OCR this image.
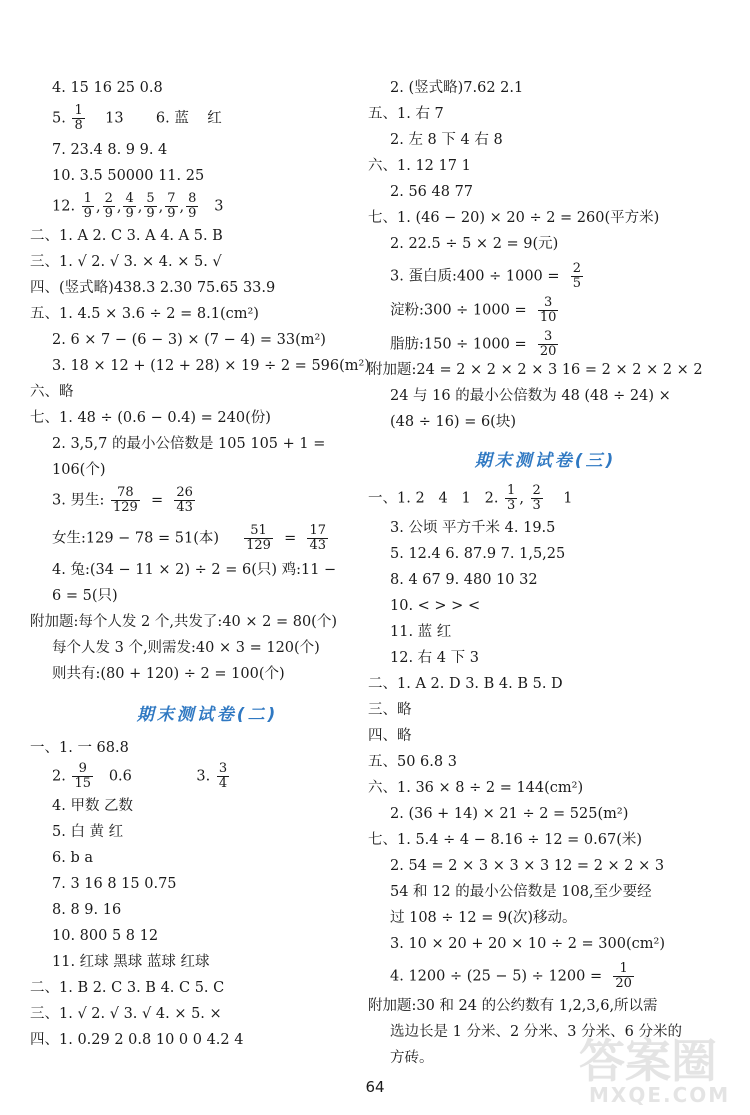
4. 15 16 25 0.8
5. $\frac{1}{8} 13$       6. 蓝    红
7. 23.4 8. 9 9. 4
10. 3.5 50000 11. 25
12. $\frac{1}{9}$ , $\frac{2}{9}$ , $\frac{4}{9}$ , $\frac{5}{9}$ , $\frac{7}{9}$ , $\frac{8}{9} 3$
二、1. A 2. C 3. A 4. A 5. B
三、1. √ 2. √ 3. × 4. × 5. √
四、(竖式略)438.3 2.30 75.65 33.9
五、1. 4.5 × 3.6 ÷ 2 = 8.1(cm²)
2. 6 × 7 − (6 − 3) × (7 − 4) = 33(m²)
3. 18 × 12 + (12 + 28) × 19 ÷ 2 = 596(m²)
六、略
七、1. 48 ÷ (0.6 − 0.4) = 240(份)
2. 3,5,7 的最小公倍数是 105 105 + 1 =
106(个)
3. 男生: $\frac{78}{129} = \frac{26}{43}$
女生:129 − 78 = 51(本) $\frac{51}{129} = \frac{17}{43}$
4. 兔:(34 − 11 × 2) ÷ 2 = 6(只) 鸡:11 −
6 = 5(只)
附加题:每个人发 2 个,共发了:40 × 2 = 80(个)
每个人发 3 个,则需发:40 × 3 = 120(个)
则共有:(80 + 120) ÷ 2 = 100(个)
期末测试卷(二)
一、1. 一 68.8
2. $\frac{9}{15} 0.6$              3. $\frac{3}{4}$
4. 甲数 乙数
5. 白 黄 红
6. b a
7. 3 16 8 15 0.75
8. 8 9. 16
10. 800 5 8 12
11. 红球 黑球 蓝球 红球
二、1. B 2. C 3. B 4. C 5. C
三、1. √ 2. √ 3. √ 4. × 5. ×
四、1. 0.29 2 0.8 10 0 0 4.2 4
2. (竖式略)7.62 2.1
五、1. 右 7
2. 左 8 下 4 右 8
六、1. 12 17 1
2. 56 48 77
七、1. (46 − 20) × 20 ÷ 2 = 260(平方米)
2. 22.5 ÷ 5 × 2 = 9(元)
3. 蛋白质:400 ÷ $1000 = \frac{2}{5}$
淀粉:300 ÷ $1000 = \frac{3}{10}$
脂肪:150 ÷ $1000 = \frac{3}{20}$
附加题:24 = 2 × 2 × 2 × 3 16 = 2 × 2 × 2 × 2
24 与 16 的最小公倍数为 48 (48 ÷ 24) ×
(48 ÷ 16) = 6(块)
期末测试卷(三)
一、1. 2   4   1   2. $\frac{1}{3}$ , $\frac{2}{3} 1$
3. 公顷 平方千米 4. 19.5
5. 12.4 6. 87.9 7. 1,5,25
8. 4 67 9. 480 10 32
10. < > > <
11. 蓝 红
12. 右 4 下 3
二、1. A 2. D 3. B 4. B 5. D
三、略
四、略
五、50 6.8 3
六、1. 36 × 8 ÷ 2 = 144(cm²)
2. (36 + 14) × 21 ÷ 2 = 525(m²)
七、1. 5.4 ÷ 4 − 8.16 ÷ 12 = 0.67(米)
2. 54 = 2 × 3 × 3 × 3 12 = 2 × 2 × 3
54 和 12 的最小公倍数是 108,至少要经
过 108 ÷ 12 = 9(次)移动。
3. 10 × 20 + 20 × 10 ÷ 2 = 300(cm²)
4. $1200 \div (25 - 5) \div 1200 = \frac{1}{20}$
附加题:30 和 24 的公约数有 1,2,3,6,所以需
选边长是 1 分米、2 分米、3 分米、6 分米的
方砖。	答案圈
MXQE.COM
64
